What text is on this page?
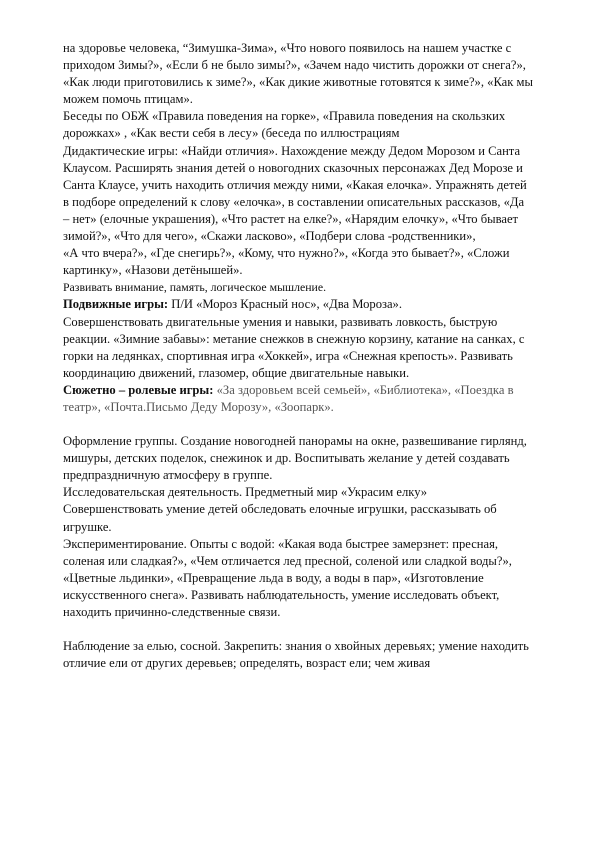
на здоровье человека, “Зимушка-Зима», «Что нового появилось на нашем участке с приходом Зимы?», «Если б не было зимы?», «Зачем надо чистить дорожки от снега?», «Как люди приготовились к зиме?», «Как дикие животные готовятся к зиме?», «Как мы можем помочь птицам».

Беседы по ОБЖ «Правила поведения на горке», «Правила поведения на скользких дорожках» , «Как вести себя в лесу» (беседа по иллюстрациям

Дидактические игры: «Найди отличия». Нахождение между Дедом Морозом и Санта Клаусом. Расширять знания детей о новогодних сказочных персонажах Дед Морозе и Санта Клаусе, учить находить отличия между ними, «Какая елочка». Упражнять детей в подборе определений к слову «елочка», в составлении описательных рассказов, «Да – нет» (елочные украшения), «Что растет на елке?», «Нарядим елочку», «Что бывает зимой?», «Что для чего», «Скажи ласково», «Подбери слова -родственники»,

«А что вчера?», «Где снегирь?», «Кому, что нужно?», «Когда это бывает?», «Сложи картинку», «Назови детёнышей».

Развивать внимание, память, логическое мышление.

Подвижные игры: П/И «Мороз Красный нос», «Два Мороза».

Совершенствовать двигательные умения и навыки, развивать ловкость, быструю реакции. «Зимние забавы»: метание снежков в снежную корзину, катание на санках, с горки на ледянках, спортивная игра «Хоккей», игра «Снежная крепость». Развивать координацию движений, глазомер, общие двигательные навыки.

Сюжетно – ролевые игры: «За здоровьем всей семьей», «Библиотека», «Поездка в театр», «Почта.Письмо Деду Морозу», «Зоопарк».

Оформление группы. Создание новогодней панорамы на окне, развешивание гирлянд, мишуры, детских поделок, снежинок и др. Воспитывать желание у детей создавать предпраздничную атмосферу в группе.

Исследовательская деятельность. Предметный мир «Украсим елку»

Совершенствовать умение детей обследовать елочные игрушки, рассказывать об игрушке.

Экспериментирование. Опыты с водой: «Какая вода быстрее замерзнет: пресная, соленая или сладкая?», «Чем отличается лед пресной, соленой или сладкой воды?», «Цветные льдинки», «Превращение льда в воду, а воды в пар», «Изготовление искусственного снега». Развивать наблюдательность, умение исследовать объект, находить причинно-следственные связи.

Наблюдение за елью, сосной. Закрепить: знания о хвойных деревьях; умение находить отличие ели от других деревьев; определять, возраст ели; чем живая
